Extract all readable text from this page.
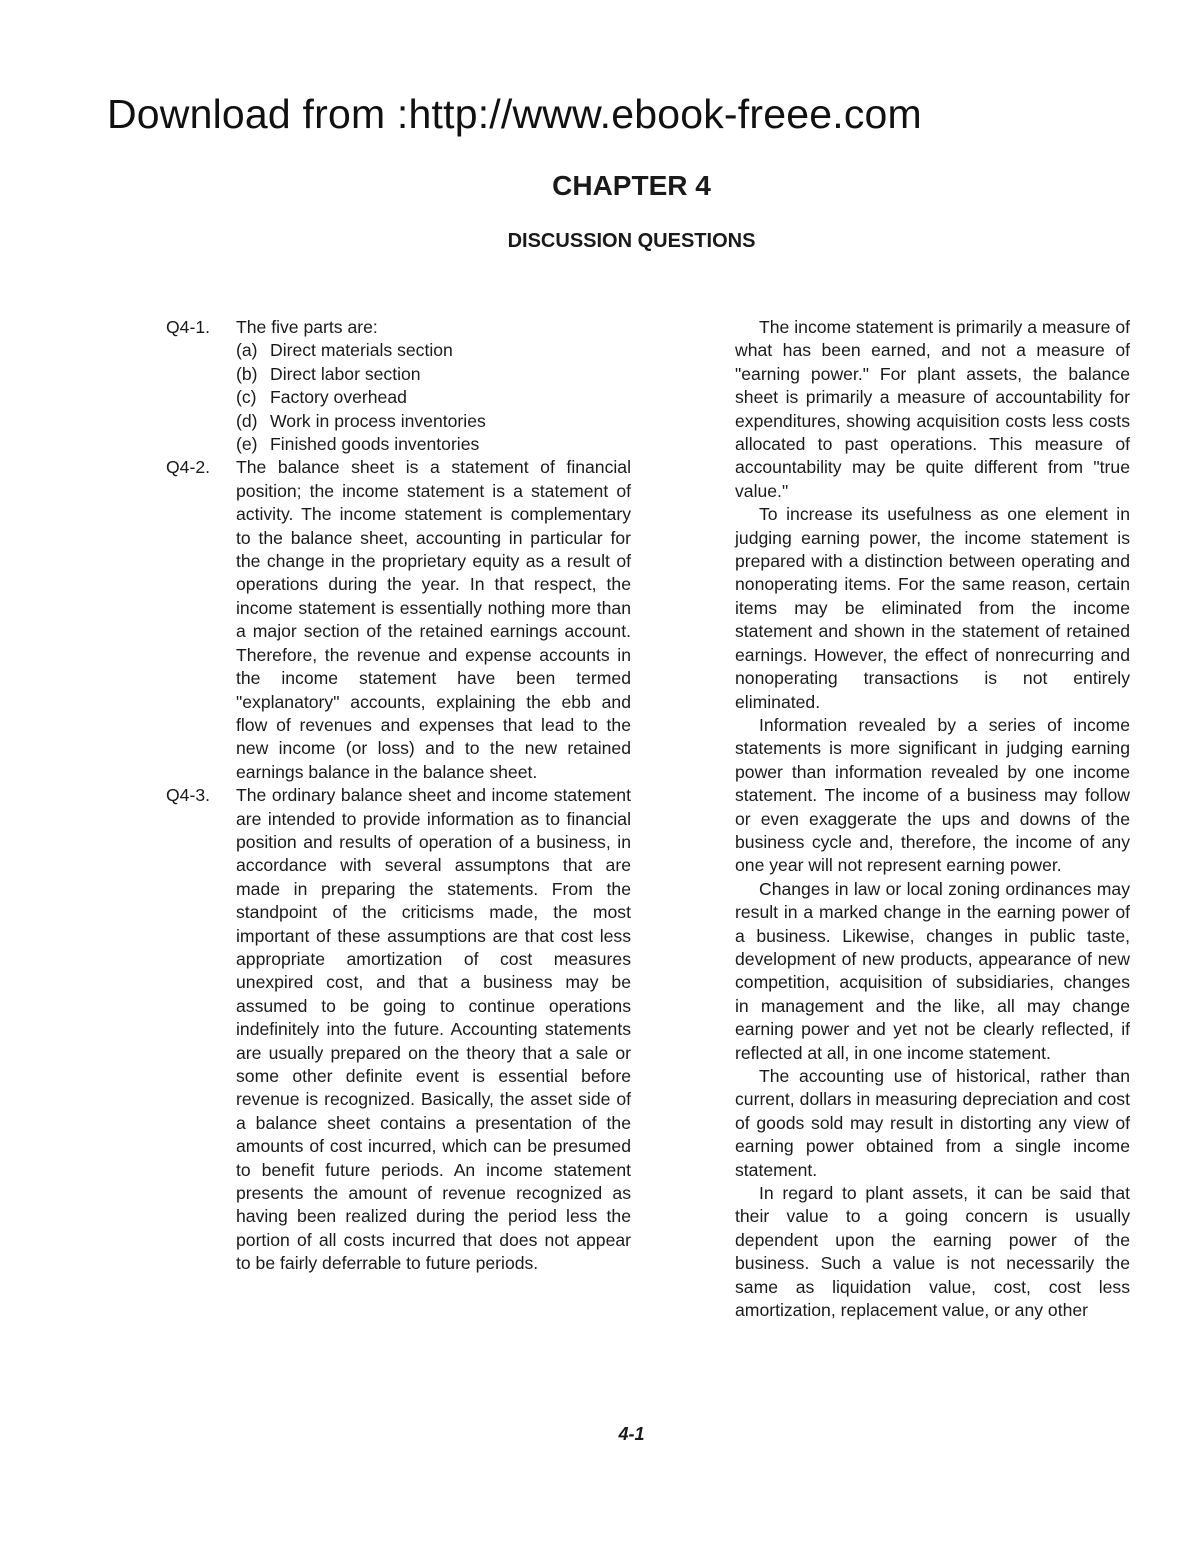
Download from :http://www.ebook-freee.com
CHAPTER 4
DISCUSSION QUESTIONS
Q4-1. The five parts are:
(a) Direct materials section
(b) Direct labor section
(c) Factory overhead
(d) Work in process inventories
(e) Finished goods inventories
Q4-2. The balance sheet is a statement of financial position; the income statement is a statement of activity. The income statement is complementary to the balance sheet, accounting in particular for the change in the proprietary equity as a result of operations during the year. In that respect, the income statement is essentially nothing more than a major section of the retained earnings account. Therefore, the revenue and expense accounts in the income statement have been termed "explanatory" accounts, explaining the ebb and flow of revenues and expenses that lead to the new income (or loss) and to the new retained earnings balance in the balance sheet.
Q4-3. The ordinary balance sheet and income statement are intended to provide information as to financial position and results of operation of a business, in accordance with several assumptons that are made in preparing the statements. From the standpoint of the criticisms made, the most important of these assumptions are that cost less appropriate amortization of cost measures unexpired cost, and that a business may be assumed to be going to continue operations indefinitely into the future. Accounting statements are usually prepared on the theory that a sale or some other definite event is essential before revenue is recognized. Basically, the asset side of a balance sheet contains a presentation of the amounts of cost incurred, which can be presumed to benefit future periods. An income statement presents the amount of revenue recognized as having been realized during the period less the portion of all costs incurred that does not appear to be fairly deferrable to future periods.

The income statement is primarily a measure of what has been earned, and not a measure of "earning power." For plant assets, the balance sheet is primarily a measure of accountability for expenditures, showing acquisition costs less costs allocated to past operations. This measure of accountability may be quite different from "true value."

To increase its usefulness as one element in judging earning power, the income statement is prepared with a distinction between operating and nonoperating items. For the same reason, certain items may be eliminated from the income statement and shown in the statement of retained earnings. However, the effect of nonrecurring and nonoperating transactions is not entirely eliminated.

Information revealed by a series of income statements is more significant in judging earning power than information revealed by one income statement. The income of a business may follow or even exaggerate the ups and downs of the business cycle and, therefore, the income of any one year will not represent earning power.

Changes in law or local zoning ordinances may result in a marked change in the earning power of a business. Likewise, changes in public taste, development of new products, appearance of new competition, acquisition of subsidiaries, changes in management and the like, all may change earning power and yet not be clearly reflected, if reflected at all, in one income statement.

The accounting use of historical, rather than current, dollars in measuring depreciation and cost of goods sold may result in distorting any view of earning power obtained from a single income statement.

In regard to plant assets, it can be said that their value to a going concern is usually dependent upon the earning power of the business. Such a value is not necessarily the same as liquidation value, cost, cost less amortization, replacement value, or any other

4-1
